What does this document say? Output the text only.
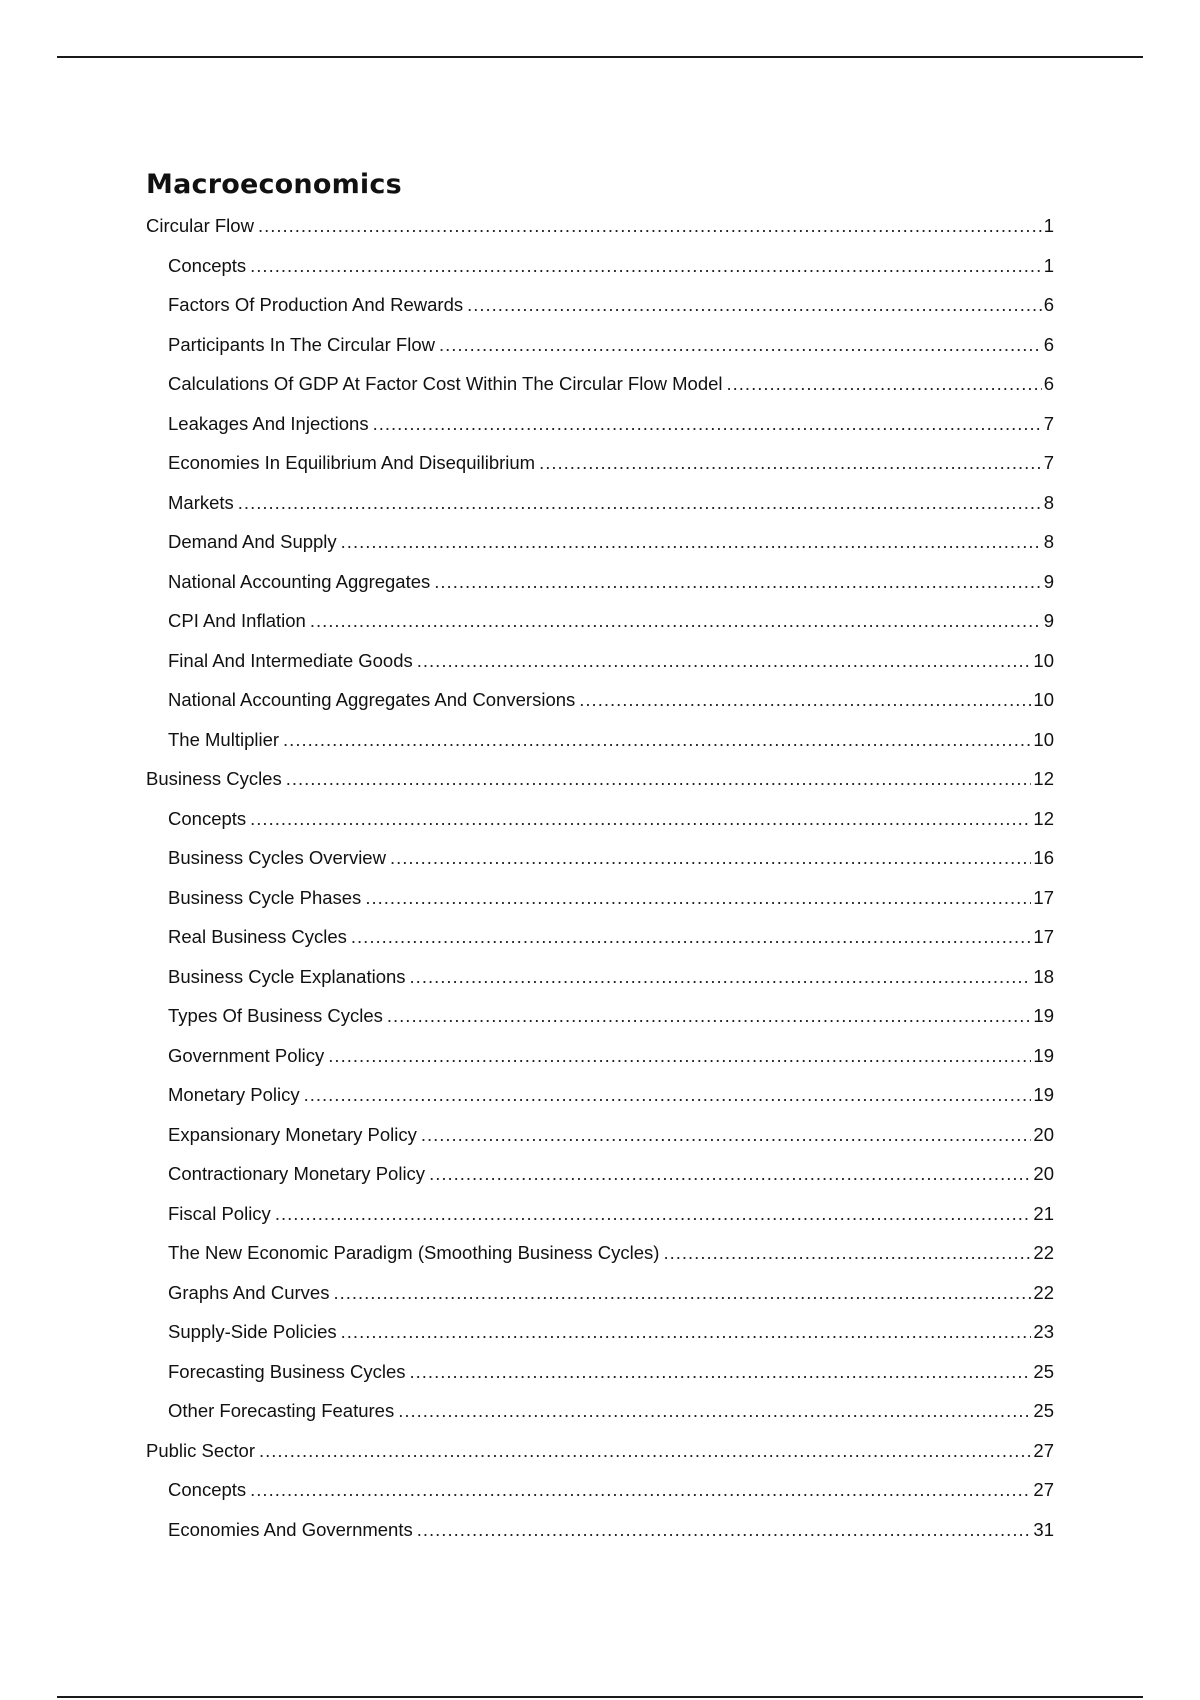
Macroeconomics
Circular Flow .....	1
Concepts .....	1
Factors Of Production And Rewards .....	6
Participants In The Circular Flow .....	6
Calculations Of GDP At Factor Cost Within The Circular Flow Model .....	6
Leakages And Injections .....	7
Economies In Equilibrium And Disequilibrium .....	7
Markets .....	8
Demand And Supply .....	8
National Accounting Aggregates .....	9
CPI And Inflation .....	9
Final And Intermediate Goods .....	10
National Accounting Aggregates And Conversions .....	10
The Multiplier .....	10
Business Cycles .....	12
Concepts .....	12
Business Cycles Overview .....	16
Business Cycle Phases .....	17
Real Business Cycles .....	17
Business Cycle Explanations .....	18
Types Of Business Cycles .....	19
Government Policy .....	19
Monetary Policy .....	19
Expansionary Monetary Policy .....	20
Contractionary Monetary Policy .....	20
Fiscal Policy .....	21
The New Economic Paradigm (Smoothing Business Cycles) .....	22
Graphs And Curves .....	22
Supply-Side Policies .....	23
Forecasting Business Cycles .....	25
Other Forecasting Features .....	25
Public Sector .....	27
Concepts .....	27
Economies And Governments .....	31
